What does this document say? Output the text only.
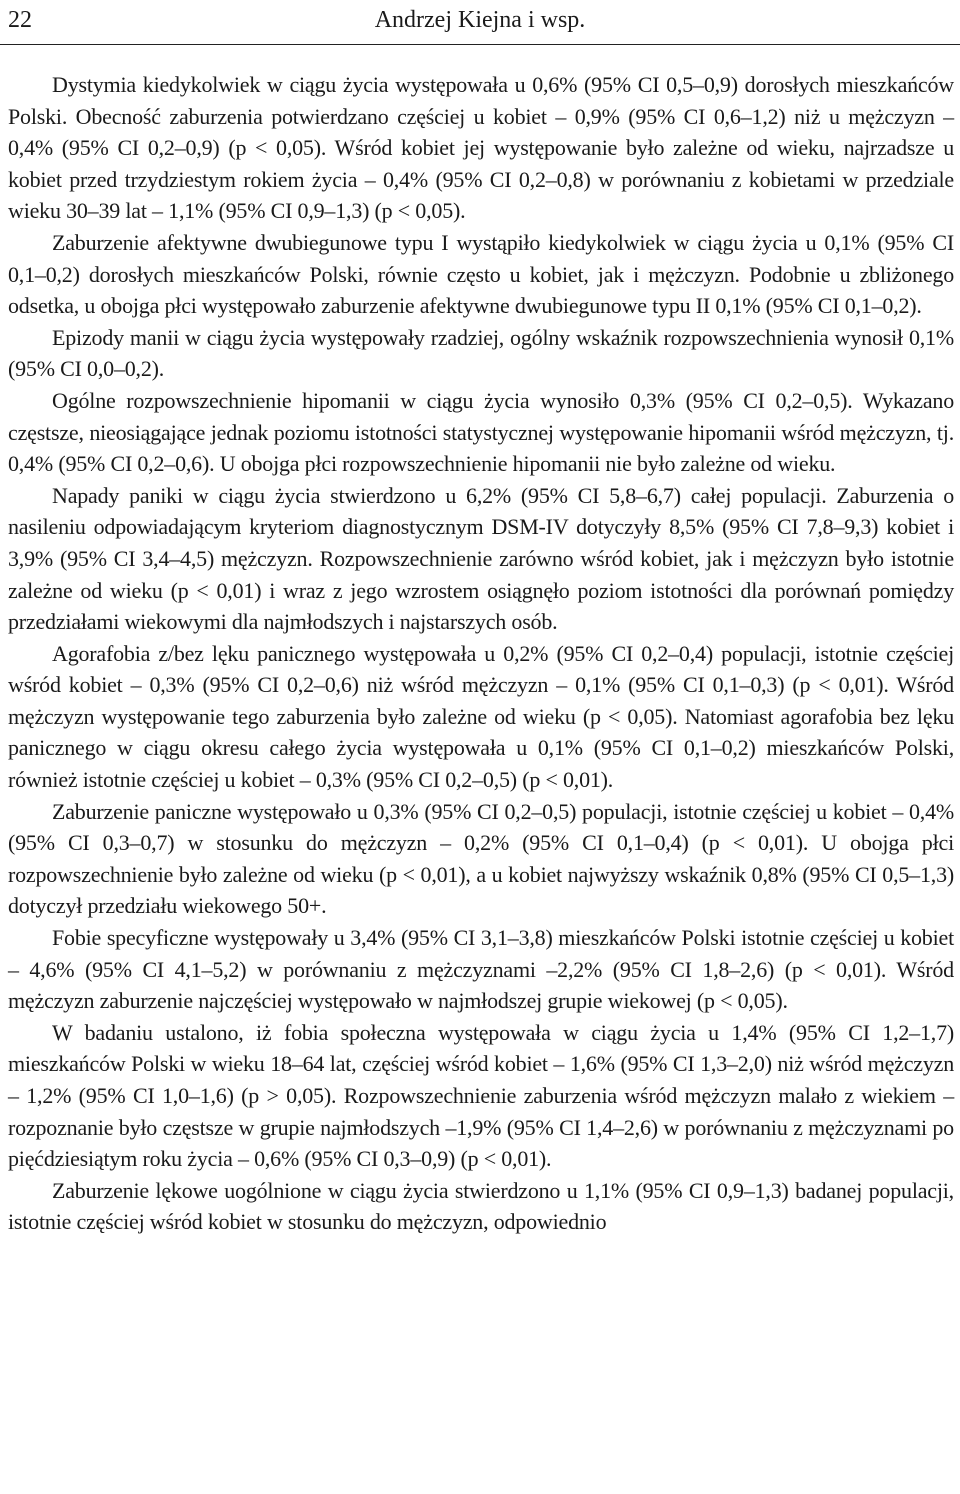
22	Andrzej Kiejna i wsp.

Dystymia kiedykolwiek w ciągu życia występowała u 0,6% (95% CI 0,5–0,9) dorosłych mieszkańców Polski. Obecność zaburzenia potwierdzano częściej u kobiet – 0,9% (95% CI 0,6–1,2) niż u mężczyzn – 0,4% (95% CI 0,2–0,9) (p < 0,05). Wśród kobiet jej występowanie było zależne od wieku, najrzadsze u kobiet przed trzydziestym rokiem życia – 0,4% (95% CI 0,2–0,8) w porównaniu z kobietami w przedziale wieku 30–39 lat – 1,1% (95% CI 0,9–1,3) (p < 0,05).

Zaburzenie afektywne dwubiegunowe typu I wystąpiło kiedykolwiek w ciągu życia u 0,1% (95% CI 0,1–0,2) dorosłych mieszkańców Polski, równie często u kobiet, jak i mężczyzn. Podobnie u zbliżonego odsetka, u obojga płci występowało zaburzenie afektywne dwubiegunowe typu II 0,1% (95% CI 0,1–0,2).

Epizody manii w ciągu życia występowały rzadziej, ogólny wskaźnik rozpowszechnienia wynosił 0,1% (95% CI 0,0–0,2).

Ogólne rozpowszechnienie hipomanii w ciągu życia wynosiło 0,3% (95% CI 0,2–0,5). Wykazano częstsze, nieosiągające jednak poziomu istotności statystycznej występowanie hipomanii wśród mężczyzn, tj. 0,4% (95% CI 0,2–0,6). U obojga płci rozpowszechnienie hipomanii nie było zależne od wieku.

Napady paniki w ciągu życia stwierdzono u 6,2% (95% CI 5,8–6,7) całej populacji. Zaburzenia o nasileniu odpowiadającym kryteriom diagnostycznym DSM-IV dotyczyły 8,5% (95% CI 7,8–9,3) kobiet i 3,9% (95% CI 3,4–4,5) mężczyzn. Rozpowszechnienie zarówno wśród kobiet, jak i mężczyzn było istotnie zależne od wieku (p < 0,01) i wraz z jego wzrostem osiągnęło poziom istotności dla porównań pomiędzy przedziałami wiekowymi dla najmłodszych i najstarszych osób.

Agorafobia z/bez lęku panicznego występowała u 0,2% (95% CI 0,2–0,4) populacji, istotnie częściej wśród kobiet – 0,3% (95% CI 0,2–0,6) niż wśród mężczyzn – 0,1% (95% CI 0,1–0,3) (p < 0,01). Wśród mężczyzn występowanie tego zaburzenia było zależne od wieku (p < 0,05). Natomiast agorafobia bez lęku panicznego w ciągu okresu całego życia występowała u 0,1% (95% CI 0,1–0,2) mieszkańców Polski, również istotnie częściej u kobiet – 0,3% (95% CI 0,2–0,5) (p < 0,01).

Zaburzenie paniczne występowało u 0,3% (95% CI 0,2–0,5) populacji, istotnie częściej u kobiet – 0,4% (95% CI 0,3–0,7) w stosunku do mężczyzn – 0,2% (95% CI 0,1–0,4) (p < 0,01). U obojga płci rozpowszechnienie było zależne od wieku (p < 0,01), a u kobiet najwyższy wskaźnik 0,8% (95% CI 0,5–1,3) dotyczył przedziału wiekowego 50+.

Fobie specyficzne występowały u 3,4% (95% CI 3,1–3,8) mieszkańców Polski istotnie częściej u kobiet – 4,6% (95% CI 4,1–5,2) w porównaniu z mężczyznami –2,2% (95% CI 1,8–2,6) (p < 0,01). Wśród mężczyzn zaburzenie najczęściej występowało w najmłodszej grupie wiekowej (p < 0,05).

W badaniu ustalono, iż fobia społeczna występowała w ciągu życia u 1,4% (95% CI 1,2–1,7) mieszkańców Polski w wieku 18–64 lat, częściej wśród kobiet – 1,6% (95% CI 1,3–2,0) niż wśród mężczyzn – 1,2% (95% CI 1,0–1,6) (p > 0,05). Rozpowszechnienie zaburzenia wśród mężczyzn malało z wiekiem – rozpoznanie było częstsze w grupie najmłodszych –1,9% (95% CI 1,4–2,6) w porównaniu z mężczyznami po pięćdziesiątym roku życia – 0,6% (95% CI 0,3–0,9) (p < 0,01).

Zaburzenie lękowe uogólnione w ciągu życia stwierdzono u 1,1% (95% CI 0,9–1,3) badanej populacji, istotnie częściej wśród kobiet w stosunku do mężczyzn, odpowiednio
